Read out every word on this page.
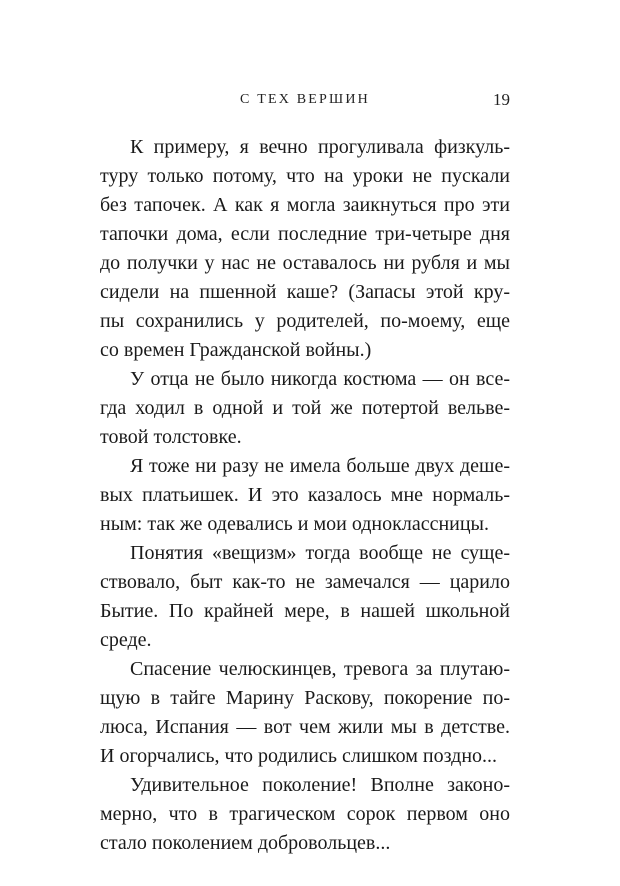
С ТЕХ ВЕРШИН	19
К примеру, я вечно прогуливала физкуль-
туру только потому, что на уроки не пускали
без тапочек. А как я могла заикнуться про эти
тапочки дома, если последние три-четыре дня
до получки у нас не оставалось ни рубля и мы
сидели на пшенной каше? (Запасы этой кру-
пы сохранились у родителей, по-моему, еще
со времен Гражданской войны.)
У отца не было никогда костюма — он все-
гда ходил в одной и той же потертой вельве-
товой толстовке.
Я тоже ни разу не имела больше двух деше-
вых платьишек. И это казалось мне нормаль-
ным: так же одевались и мои одноклассницы.
Понятия «вещизм» тогда вообще не суще-
ствовало, быт как-то не замечался — царило
Бытие. По крайней мере, в нашей школьной
среде.
Спасение челюскинцев, тревога за плутаю-
щую в тайге Марину Раскову, покорение по-
люса, Испания — вот чем жили мы в детстве.
И огорчались, что родились слишком поздно...
Удивительное поколение! Вполне законо-
мерно, что в трагическом сорок первом оно
стало поколением добровольцев...
